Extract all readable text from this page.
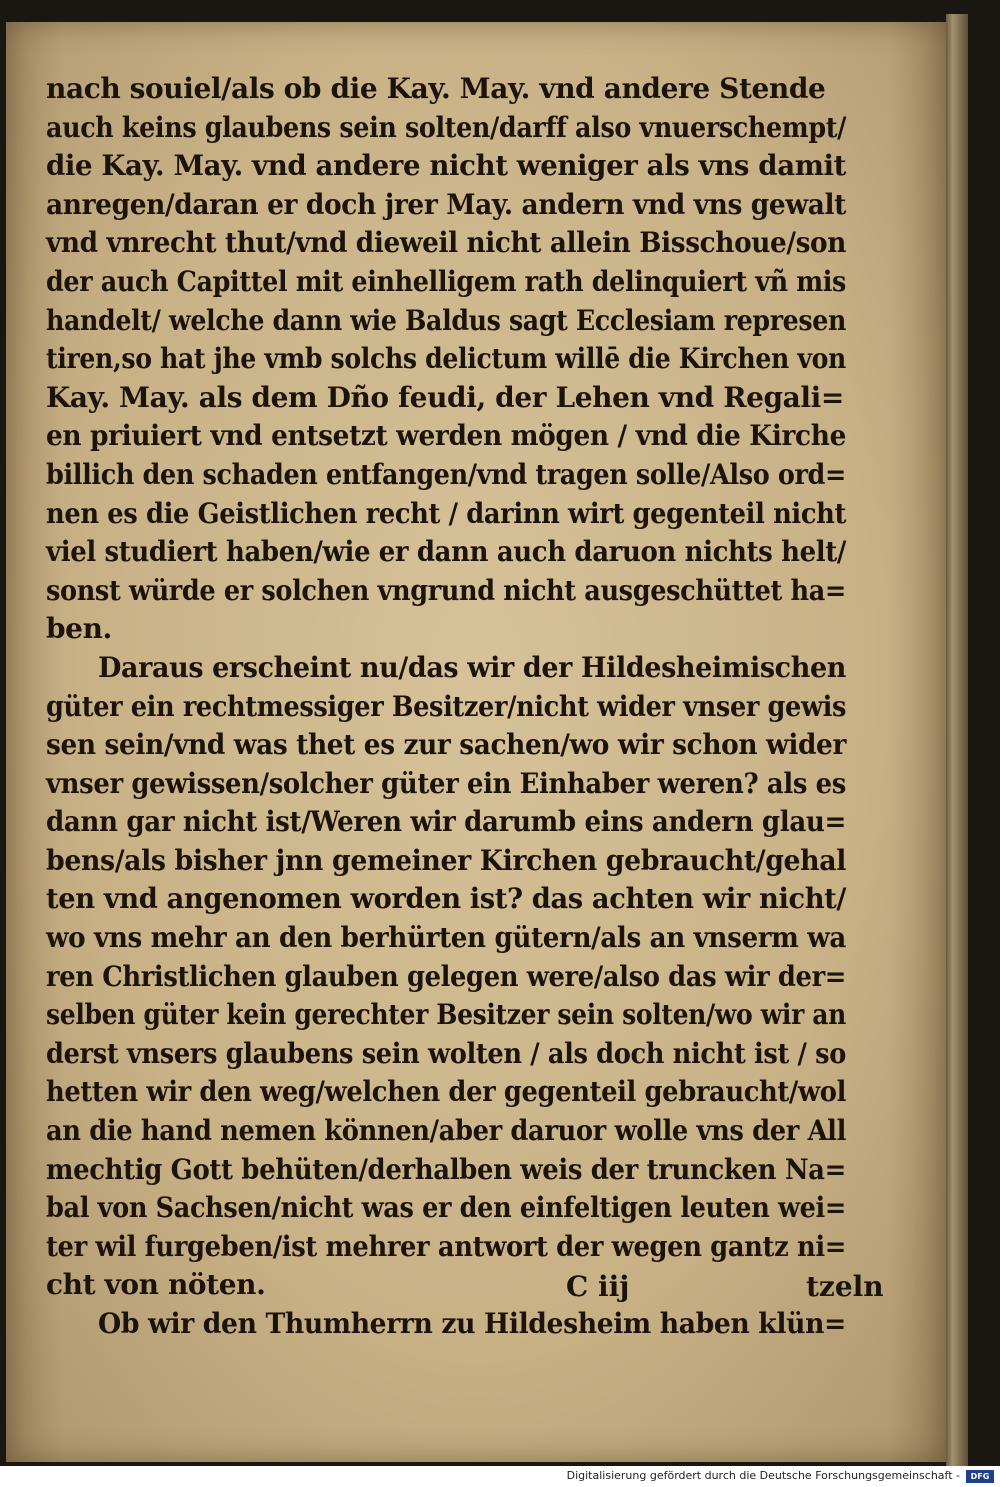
nach souiel/als ob die Kay. May. vnd andere Stende
auch keins glaubens sein solten/darff also vnuerschempt/
die Kay. May. vnd andere nicht weniger als vns damit
anregen/daran er doch jrer May. andern vnd vns gewalt
vnd vnrecht thut/vnd dieweil nicht allein Bisschoue/son
der auch Capittel mit einhelligem rath delinquiert vñ mis
handelt/ welche dann wie Baldus sagt Ecclesiam represen
tiren,so hat jhe vmb solchs delictum willē die Kirchen von
Kay. May. als dem Dño feudi, der Lehen vnd Regali=
en priuiert vnd entsetzt werden mögen / vnd die Kirche
billich den schaden entfangen/vnd tragen solle/Also ord=
nen es die Geistlichen recht / darinn wirt gegenteil nicht
viel studiert haben/wie er dann auch daruon nichts helt/
sonst würde er solchen vngrund nicht ausgeschüttet ha=
ben.
Daraus erscheint nu/das wir der Hildesheimischen
güter ein rechtmessiger Besitzer/nicht wider vnser gewis
sen sein/vnd was thet es zur sachen/wo wir schon wider
vnser gewissen/solcher güter ein Einhaber weren? als es
dann gar nicht ist/Weren wir darumb eins andern glau=
bens/als bisher jnn gemeiner Kirchen gebraucht/gehal
ten vnd angenomen worden ist? das achten wir nicht/
wo vns mehr an den berhürten gütern/als an vnserm wa
ren Christlichen glauben gelegen were/also das wir der=
selben güter kein gerechter Besitzer sein solten/wo wir an
derst vnsers glaubens sein wolten / als doch nicht ist / so
hetten wir den weg/welchen der gegenteil gebraucht/wol
an die hand nemen können/aber daruor wolle vns der All
mechtig Gott behüten/derhalben weis der truncken Na=
bal von Sachsen/nicht was er den einfeltigen leuten wei=
ter wil furgeben/ist mehrer antwort der wegen gantz ni=
cht von nöten.
Ob wir den Thumherrn zu Hildesheim haben klün=
C iij	tzeln
Digitalisierung gefördert durch die Deutsche Forschungsgemeinschaft -	DFG
